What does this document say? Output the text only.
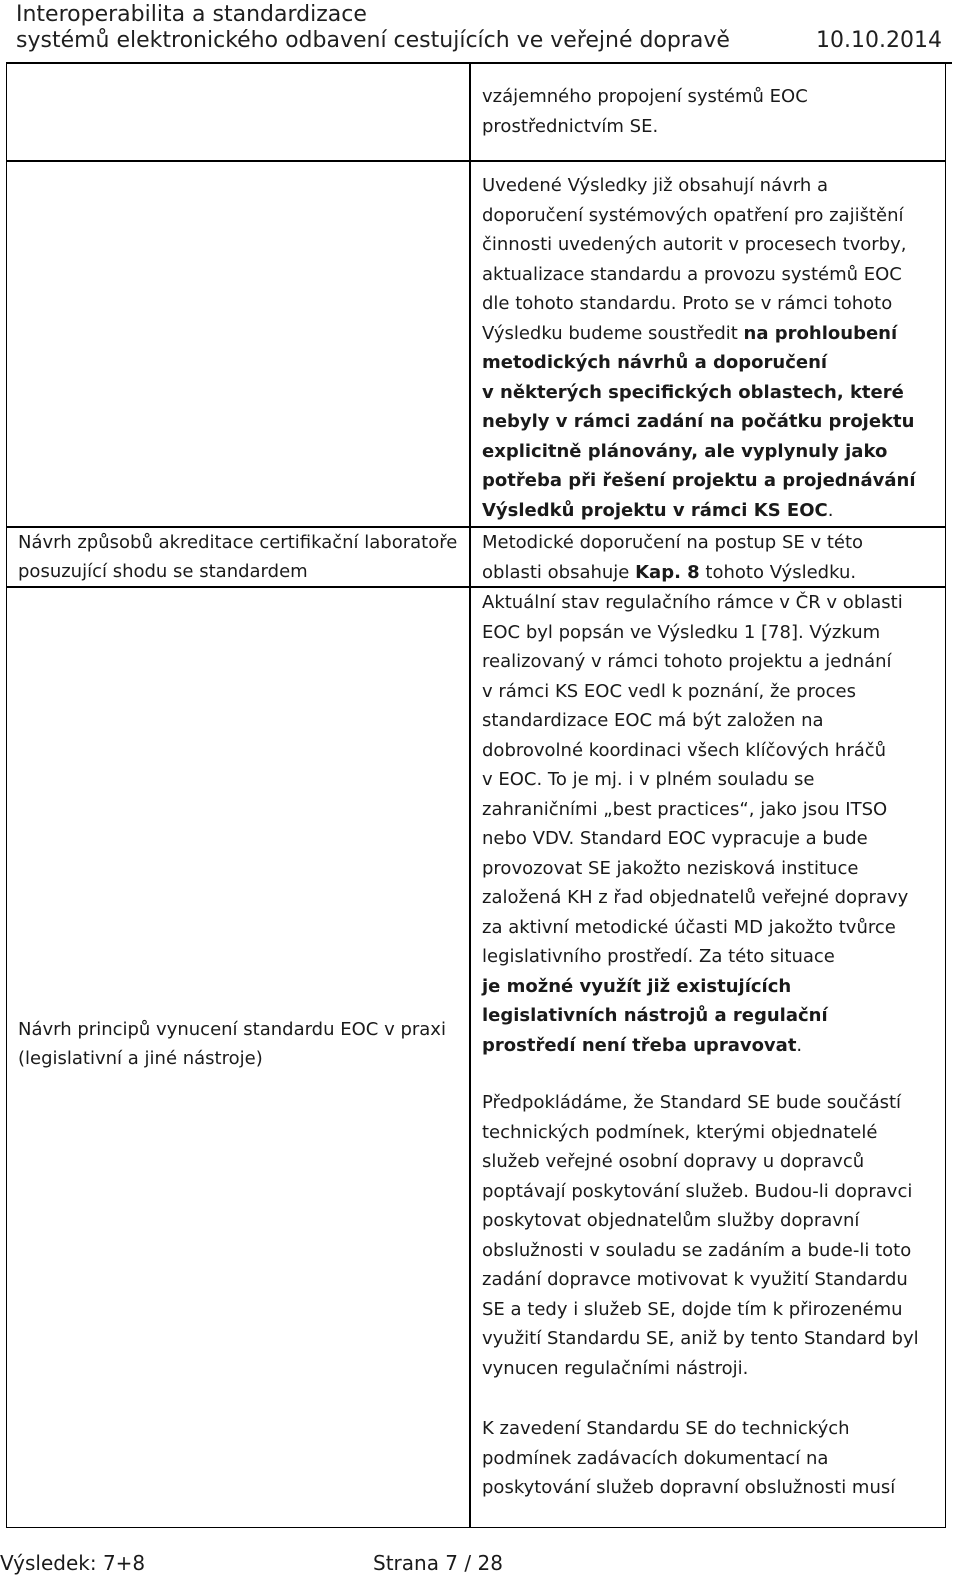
Interoperabilita a standardizace
systémů elektronického odbavení cestujících ve veřejné dopravě	10.10.2014
vzájemného propojení systémů EOC
prostřednictvím SE.
Uvedené Výsledky již obsahují návrh a
doporučení systémových opatření pro zajištění
činnosti uvedených autorit v procesech tvorby,
aktualizace standardu a provozu systémů EOC
dle tohoto standardu. Proto se v rámci tohoto
Výsledku budeme soustředit na prohloubení
metodických návrhů a doporučení
v některých specifických oblastech, které
nebyly v rámci zadání na počátku projektu
explicitně plánovány, ale vyplynuly jako
potřeba při řešení projektu a projednávání
Výsledků projektu v rámci KS EOC.
Návrh způsobů akreditace certifikační laboratoře
posuzující shodu se standardem
Metodické doporučení na postup SE v této
oblasti obsahuje Kap. 8 tohoto Výsledku.
Návrh principů vynucení standardu EOC v praxi
(legislativní a jiné nástroje)
Aktuální stav regulačního rámce v ČR v oblasti
EOC byl popsán ve Výsledku 1 [78]. Výzkum
realizovaný v rámci tohoto projektu a jednání
v rámci KS EOC vedl k poznání, že proces
standardizace EOC má být založen na
dobrovolné koordinaci všech klíčových hráčů
v EOC. To je mj. i v plném souladu se
zahraničními „best practices“, jako jsou ITSO
nebo VDV. Standard EOC vypracuje a bude
provozovat SE jakožto nezisková instituce
založená KH z řad objednatelů veřejné dopravy
za aktivní metodické účasti MD jakožto tvůrce
legislativního prostředí. Za této situace
je možné využít již existujících
legislativních nástrojů a regulační
prostředí není třeba upravovat.
Předpokládáme, že Standard SE bude součástí
technických podmínek, kterými objednatelé
služeb veřejné osobní dopravy u dopravců
poptávají poskytování služeb. Budou-li dopravci
poskytovat objednatelům služby dopravní
obslužnosti v souladu se zadáním a bude-li toto
zadání dopravce motivovat k využití Standardu
SE a tedy i služeb SE, dojde tím k přirozenému
využití Standardu SE, aniž by tento Standard byl
vynucen regulačními nástroji.
K zavedení Standardu SE do technických
podmínek zadávacích dokumentací na
poskytování služeb dopravní obslužnosti musí
Výsledek: 7+8	Strana 7 / 28
